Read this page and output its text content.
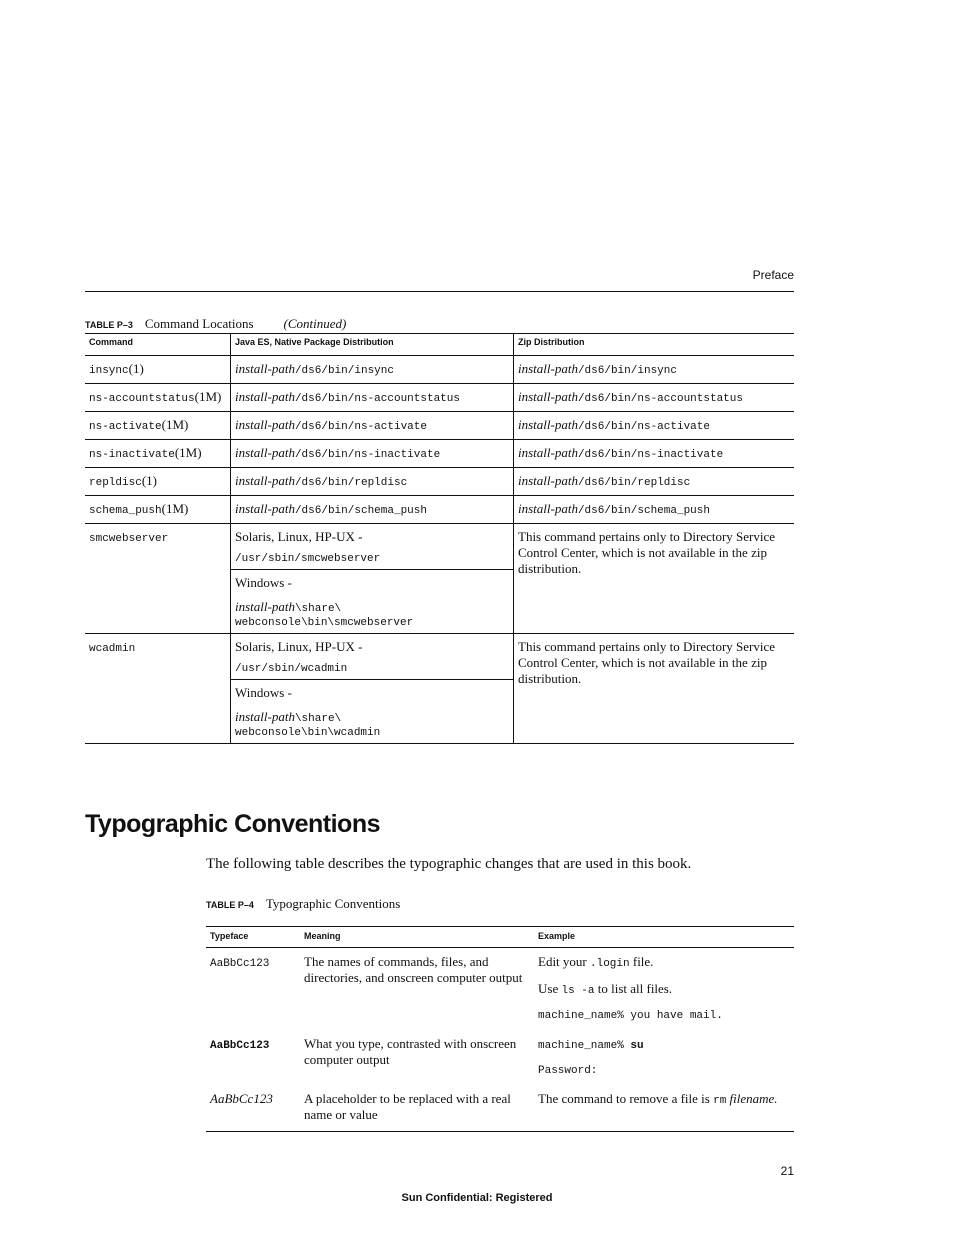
Preface
TABLE P–3 Command Locations (Continued)
Command	Java ES, Native Package Distribution	Zip Distribution
insync(1)	install-path/ds6/bin/insync	install-path/ds6/bin/insync
ns-accountstatus(1M)	install-path/ds6/bin/ns-accountstatus	install-path/ds6/bin/ns-accountstatus
ns-activate(1M)	install-path/ds6/bin/ns-activate	install-path/ds6/bin/ns-activate
ns-inactivate(1M)	install-path/ds6/bin/ns-inactivate	install-path/ds6/bin/ns-inactivate
repldisc(1)	install-path/ds6/bin/repldisc	install-path/ds6/bin/repldisc
schema_push(1M)	install-path/ds6/bin/schema_push	install-path/ds6/bin/schema_push
smcwebserver	Solaris, Linux, HP-UX -
/usr/sbin/smcwebserver
Windows -
install-path\share\
webconsole\bin\smcwebserver	This command pertains only to Directory Service Control Center, which is not available in the zip distribution.
wcadmin	Solaris, Linux, HP-UX -
/usr/sbin/wcadmin
Windows -
install-path\share\
webconsole\bin\wcadmin	This command pertains only to Directory Service Control Center, which is not available in the zip distribution.
Typographic Conventions
The following table describes the typographic changes that are used in this book.
TABLE P–4 Typographic Conventions
Typeface	Meaning	Example
AaBbCc123	The names of commands, files, and directories, and onscreen computer output	Edit your .login file.
Use ls -a to list all files.
machine_name% you have mail.

AaBbCc123	What you type, contrasted with onscreen computer output	machine_name% su
Password:

AaBbCc123	A placeholder to be replaced with a real name or value	The command to remove a file is rm filename.
21
Sun Confidential: Registered
